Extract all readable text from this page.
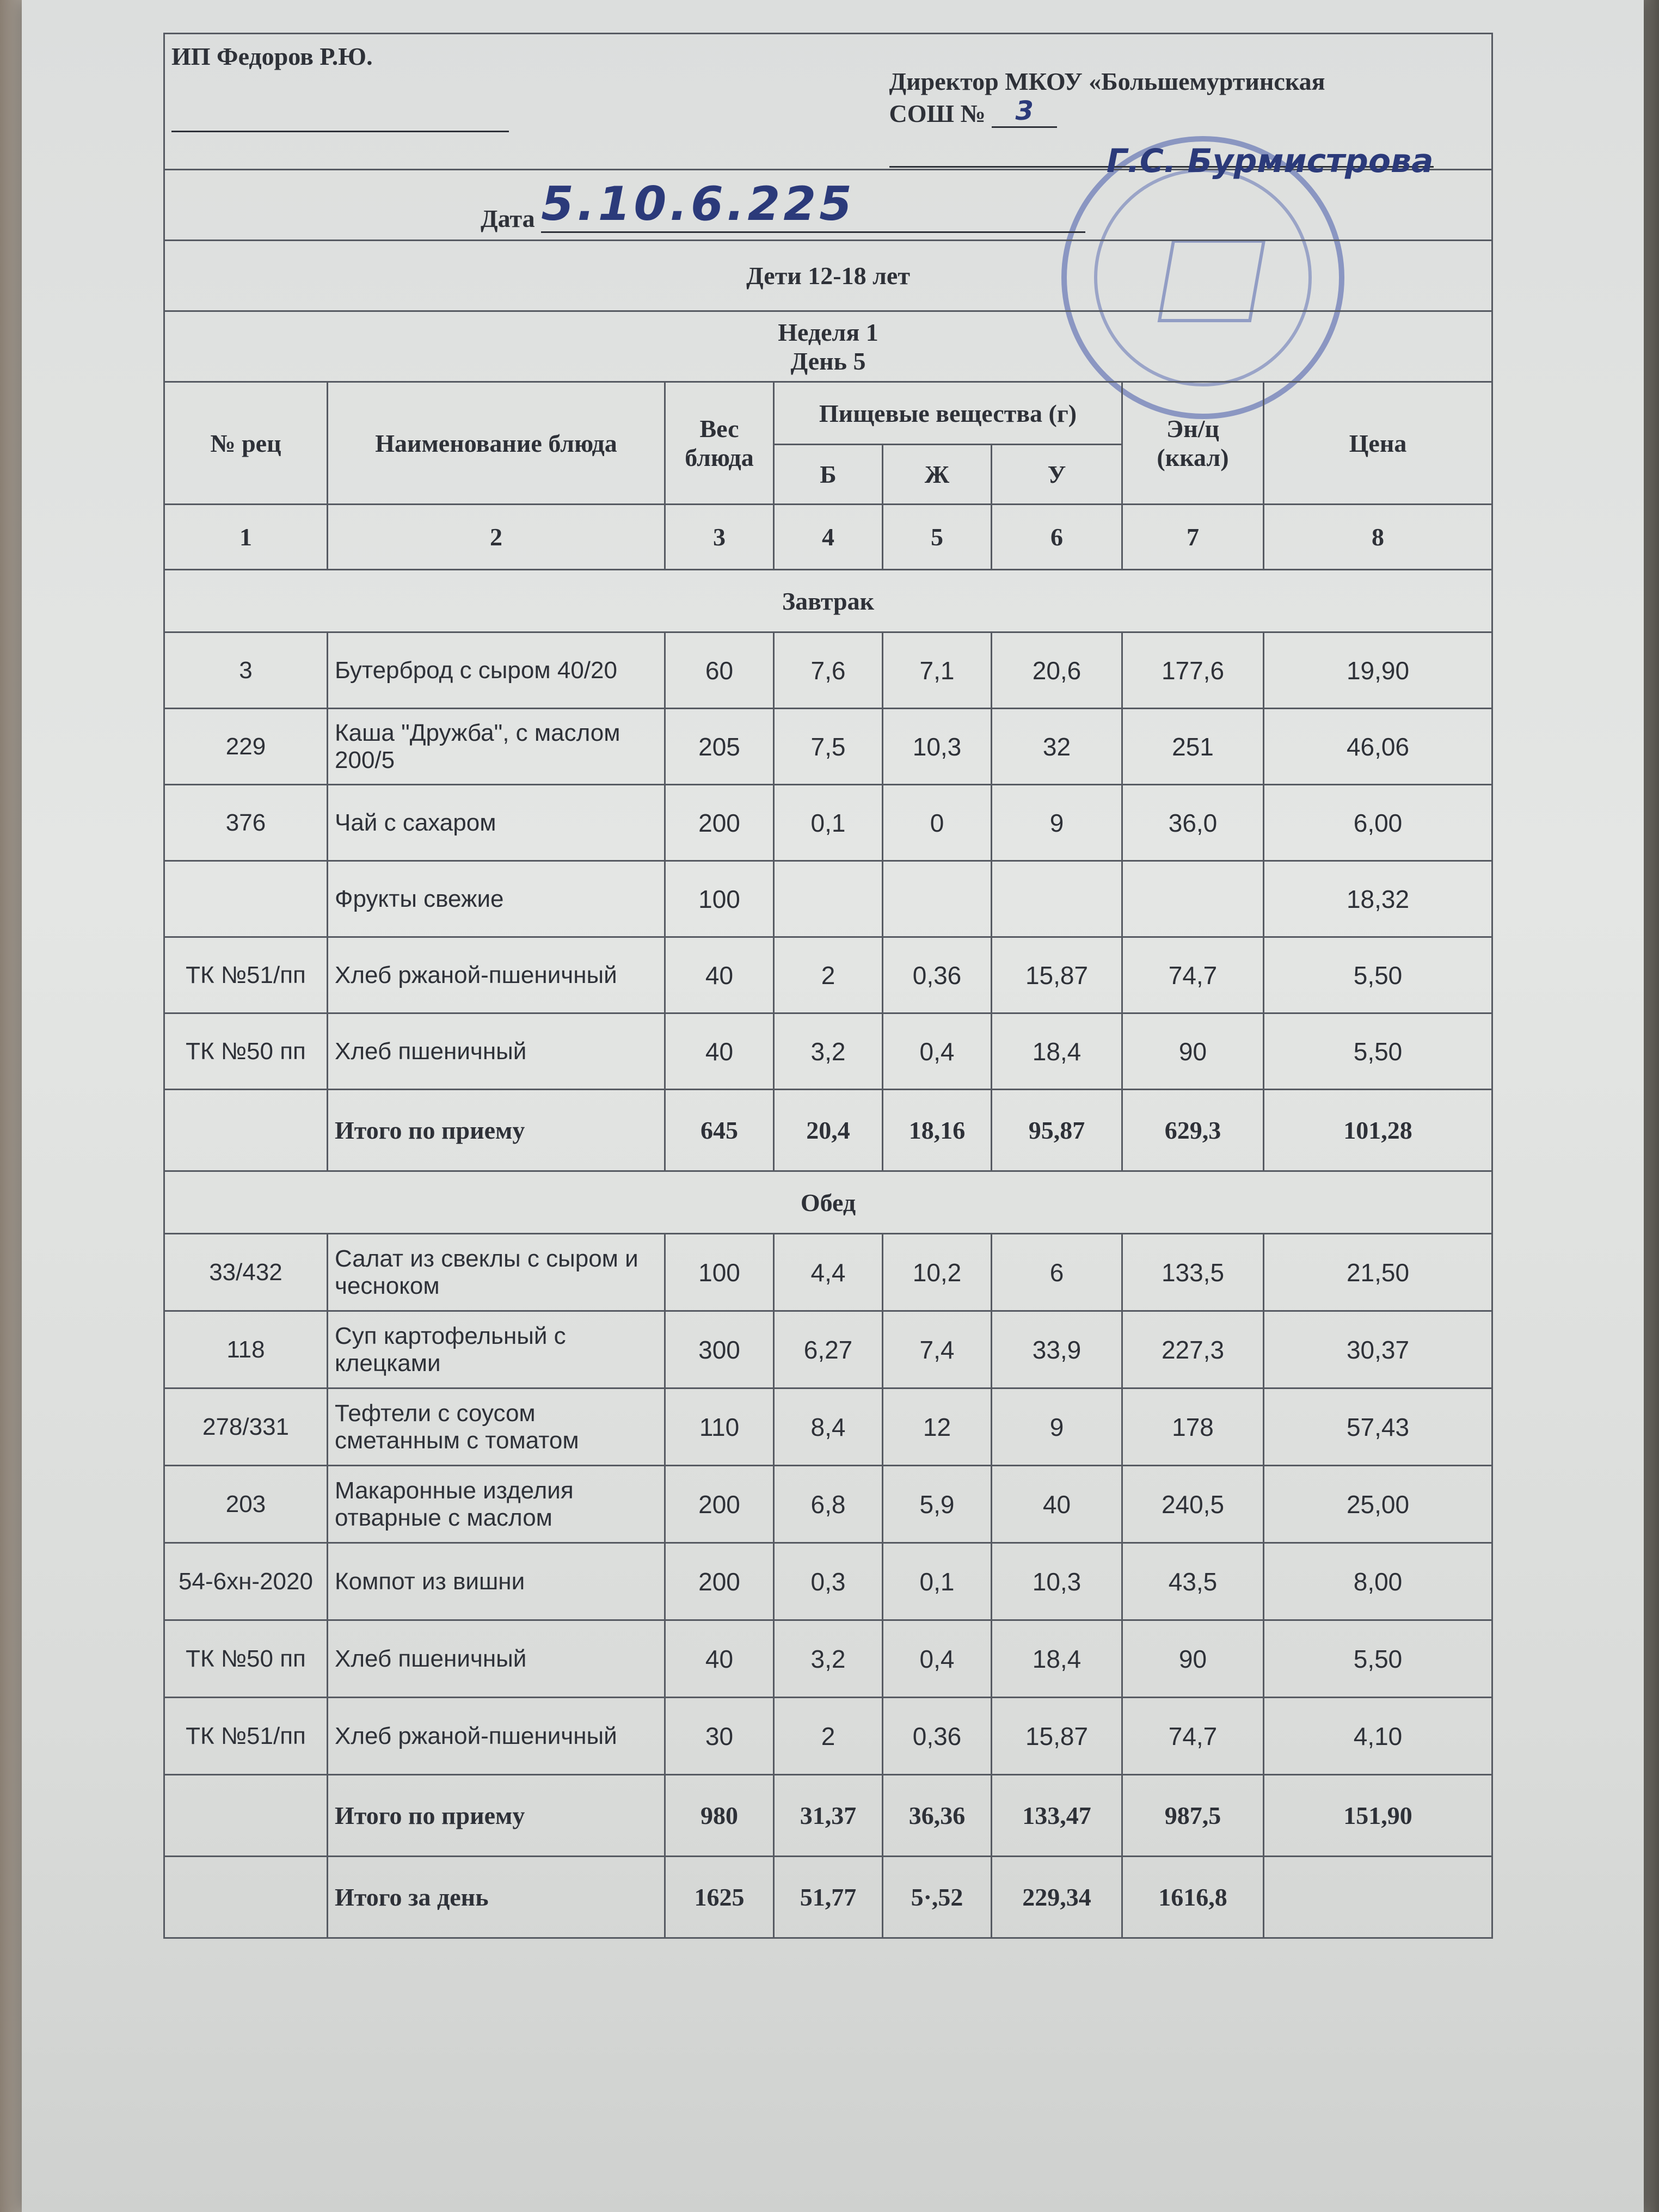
ИП Федоров Р.Ю.				Директор МКОУ «Большемуртинская
СОШ № 3
Г.С. Бурмистрова			

Дата 5.10.6.225							
Дети 12-18 лет							

Неделя 1
День 5							

№ рец	Наименование блюда	Вес блюда	Пищевые вещества (г)			Эн/ц (ккал)	Цена
			Б	Ж	У		
1	2	3	4	5	6	7	8
Завтрак							
3	Бутерброд с сыром 40/20	60	7,6	7,1	20,6	177,6	19,90
229	Каша "Дружба", с маслом 200/5	205	7,5	10,3	32	251	46,06
376	Чай с сахаром	200	0,1	0	9	36,0	6,00
	Фрукты свежие	100					18,32
ТК №51/пп	Хлеб ржаной-пшеничный	40	2	0,36	15,87	74,7	5,50
ТК №50 пп	Хлеб пшеничный	40	3,2	0,4	18,4	90	5,50
	Итого по приему	645	20,4	18,16	95,87	629,3	101,28
Обед							
33/432	Салат из свеклы с сыром и чесноком	100	4,4	10,2	6	133,5	21,50
118	Суп картофельный с клецками	300	6,27	7,4	33,9	227,3	30,37
278/331	Тефтели с соусом сметанным с томатом	110	8,4	12	9	178	57,43
203	Макаронные изделия отварные с маслом	200	6,8	5,9	40	240,5	25,00
54-6хн-2020	Компот из вишни	200	0,3	0,1	10,3	43,5	8,00
ТК №50 пп	Хлеб пшеничный	40	3,2	0,4	18,4	90	5,50
ТК №51/пп	Хлеб ржаной-пшеничный	30	2	0,36	15,87	74,7	4,10
	Итого по приему	980	31,37	36,36	133,47	987,5	151,90
	Итого за день	1625	51,77	5·,52	229,34	1616,8	
